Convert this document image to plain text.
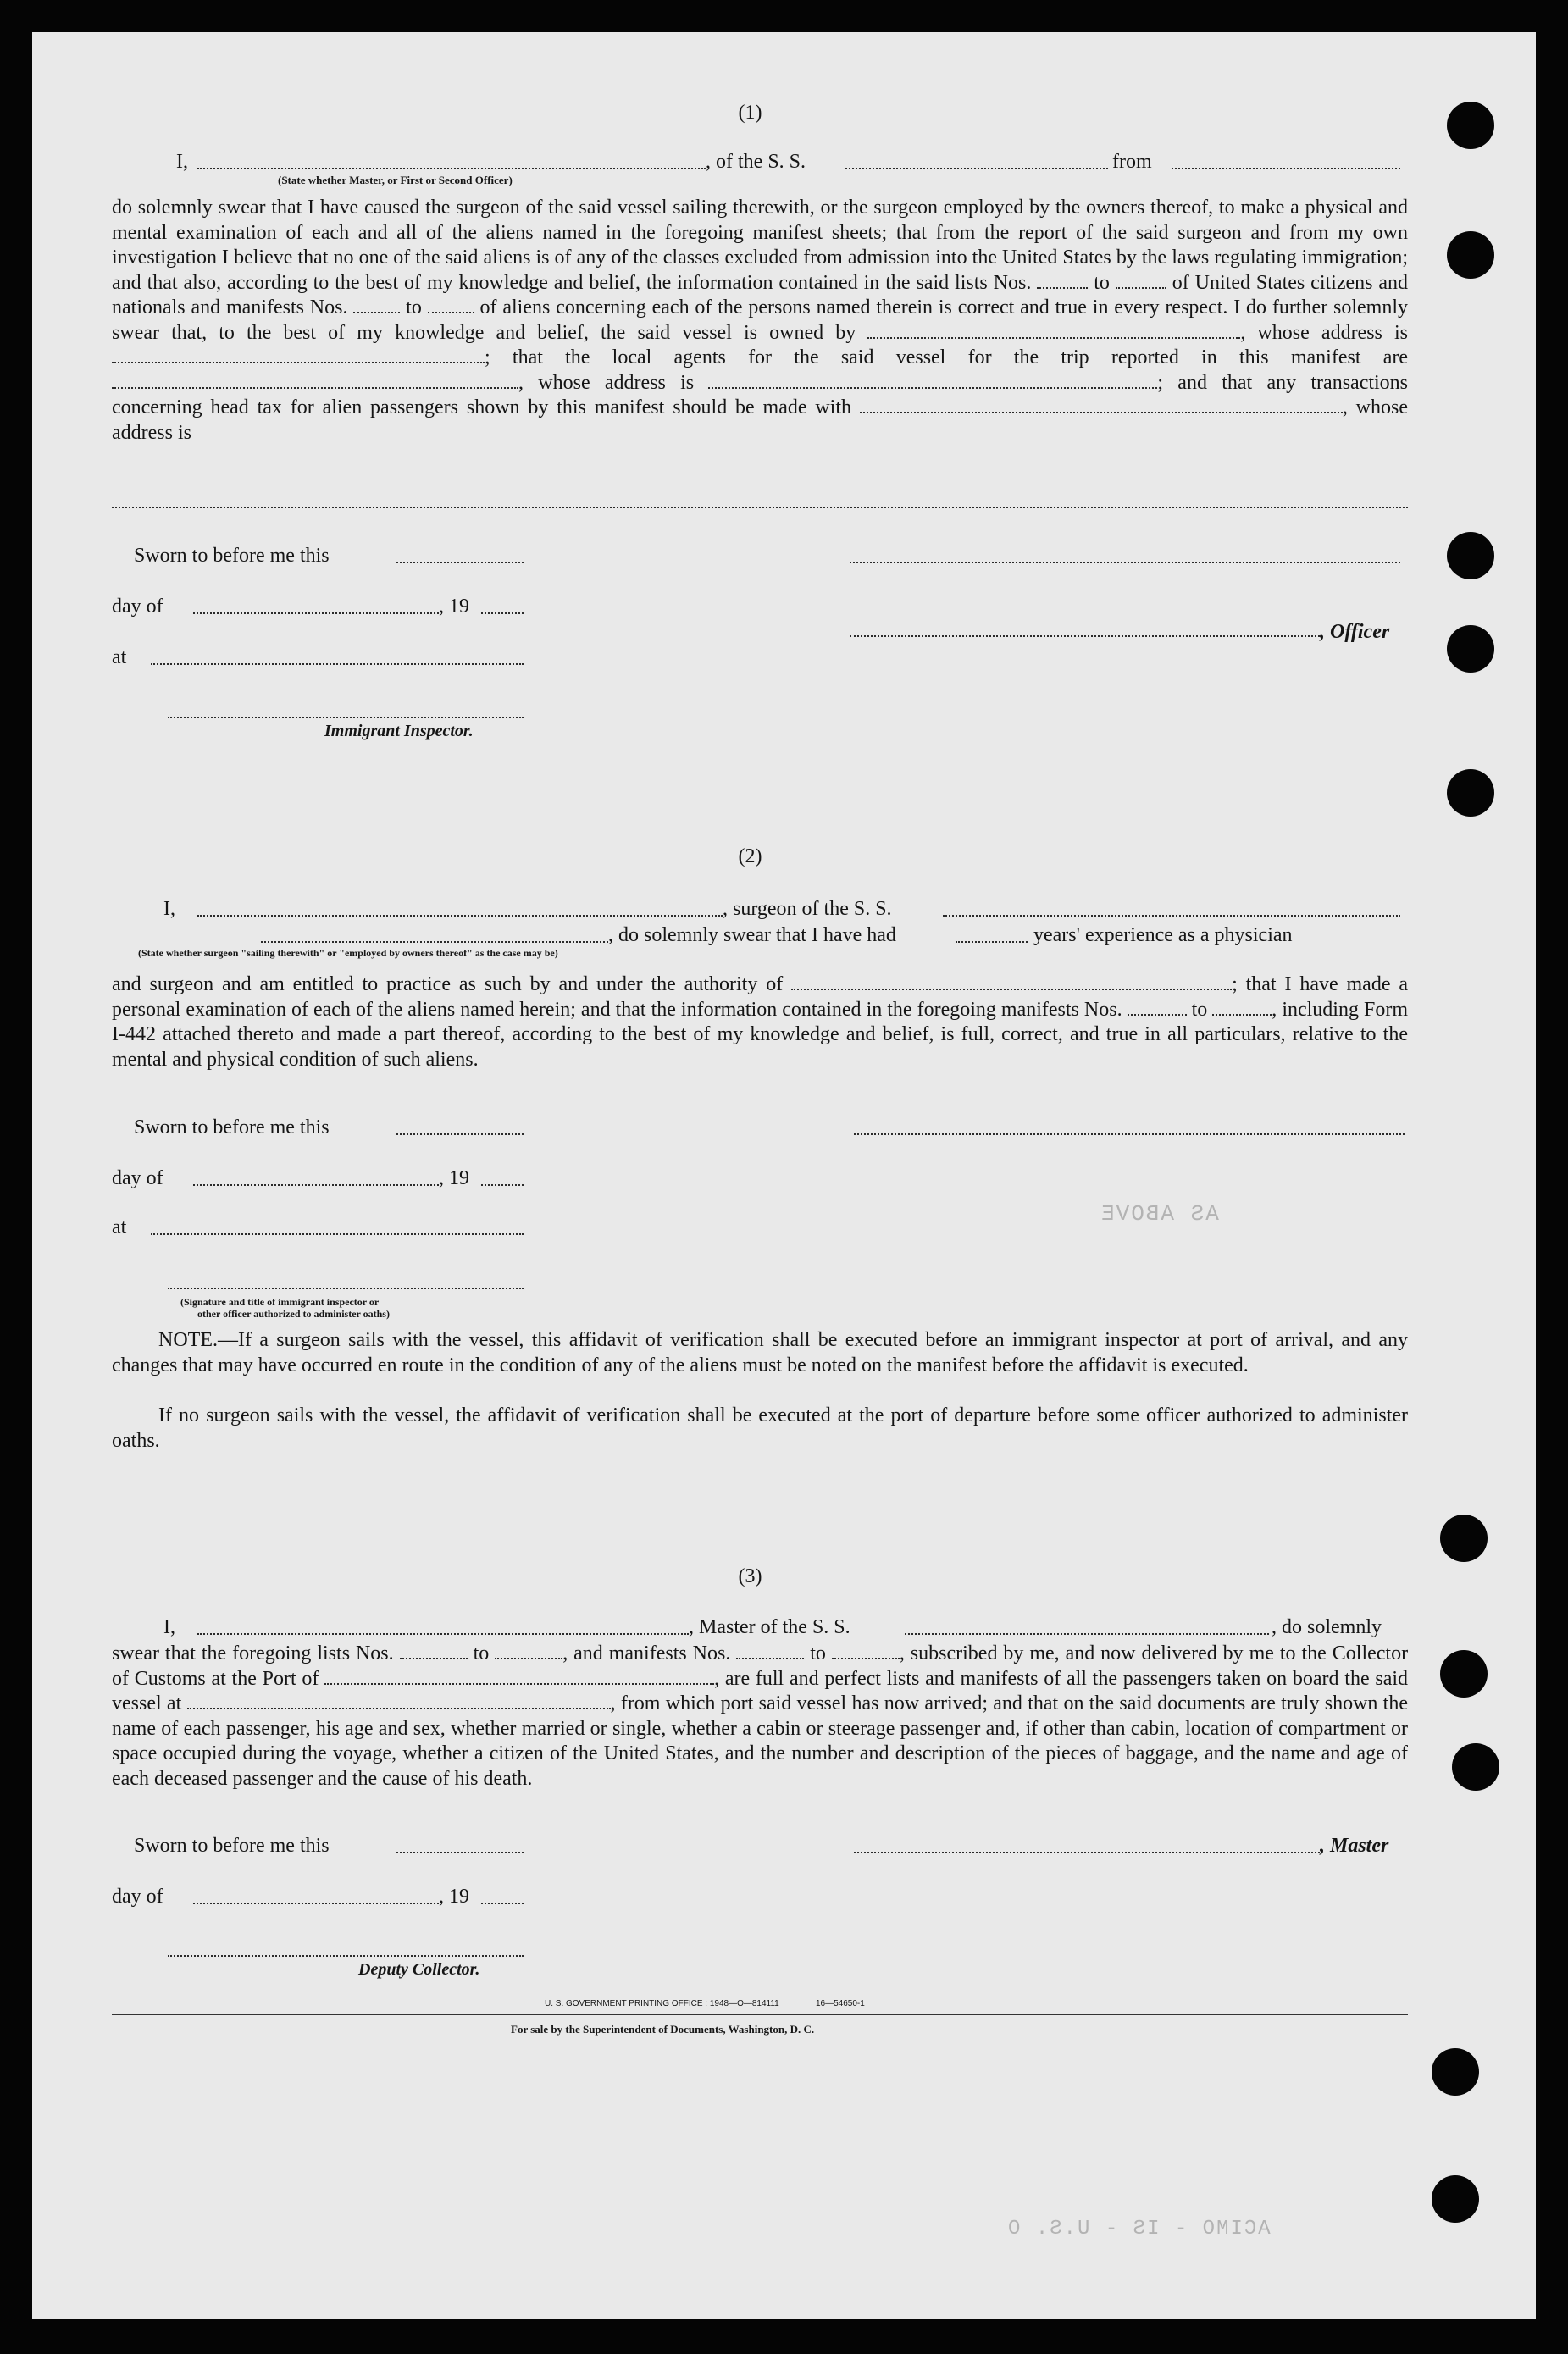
AS ABOVE
ACIMO - IS - U.S. O
(1)
I,	, of the S. S.	from
(State whether Master, or First or Second Officer)
do solemnly swear that I have caused the surgeon of the said vessel sailing therewith, or the surgeon employed by the owners thereof, to make a physical and mental examination of each and all of the aliens named in the foregoing manifest sheets; that from the report of the said surgeon and from my own investigation I believe that no one of the said aliens is of any of the classes excluded from admission into the United States by the laws regulating immigration; and that also, according to the best of my knowledge and belief, the information contained in the said lists Nos.	to	of United States citizens and nationals and manifests Nos.	to	of aliens concerning each of the persons named therein is correct and true in every respect. I do further solemnly swear that, to the best of my knowledge and belief, the said vessel is owned by	, whose address is ; that the local agents for the said vessel for the trip reported in this manifest are , whose address is	; and that any transactions concerning head tax for alien passengers shown by this manifest should be made with	, whose address is
Sworn to before me this
day of	, 19
, Officer
at
Immigrant Inspector.
(2)
I,	, surgeon of the S. S.
, do solemnly swear that I have had	years' experience as a physician
(State whether surgeon "sailing therewith" or "employed by owners thereof" as the case may be)
and surgeon and am entitled to practice as such by and under the authority of	; that I have made a personal examination of each of the aliens named herein; and that the information contained in the foregoing manifests Nos.	to	, including Form I-442 attached thereto and made a part thereof, according to the best of my knowledge and belief, is full, correct, and true in all particulars, relative to the mental and physical condition of such aliens.
Sworn to before me this
day of	, 19
at
(Signature and title of immigrant inspector or
other officer authorized to administer oaths)
NOTE.—If a surgeon sails with the vessel, this affidavit of verification shall be executed before an immigrant inspector at port of arrival, and any changes that may have occurred en route in the condition of any of the aliens must be noted on the manifest before the affidavit is executed.
If no surgeon sails with the vessel, the affidavit of verification shall be executed at the port of departure before some officer authorized to administer oaths.
(3)
I,	, Master of the S. S.	, do solemnly
swear that the foregoing lists Nos.	to	, and manifests Nos.	to	, subscribed by me, and now delivered by me to the Collector of Customs at the Port of	, are full and perfect lists and manifests of all the passengers taken on board the said vessel at	, from which port said vessel has now arrived; and that on the said documents are truly shown the name of each passenger, his age and sex, whether married or single, whether a cabin or steerage passenger and, if other than cabin, location of compartment or space occupied during the voyage, whether a citizen of the United States, and the number and description of the pieces of baggage, and the name and age of each deceased passenger and the cause of his death.
Sworn to before me this	, Master
day of	, 19
Deputy Collector.
U. S. GOVERNMENT PRINTING OFFICE : 1948—O—814111	16—54650-1
For sale by the Superintendent of Documents, Washington, D. C.
